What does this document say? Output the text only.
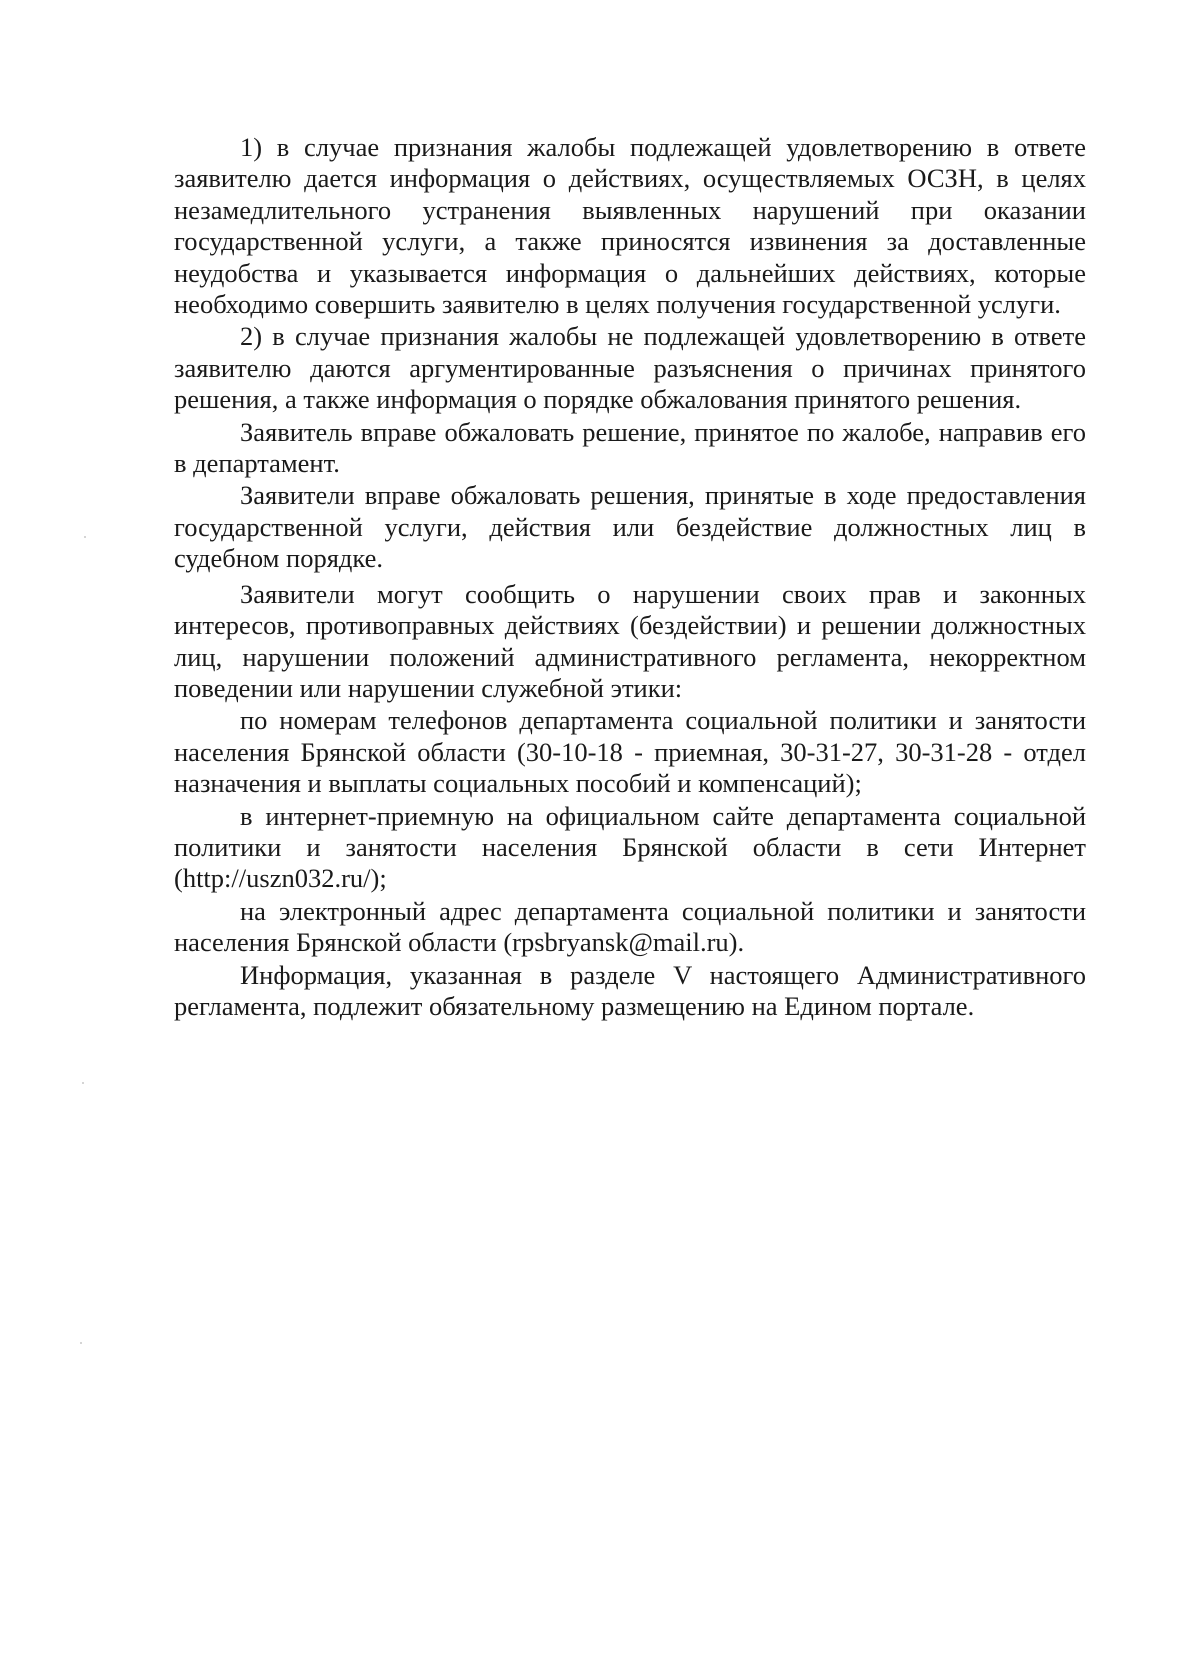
1) в случае признания жалобы подлежащей удовлетворению в ответе заявителю дается информация о действиях, осуществляемых ОСЗН, в целях незамедлительного устранения выявленных нарушений при оказании государственной услуги, а также приносятся извинения за доставленные неудобства и указывается информация о дальнейших действиях, которые необходимо совершить заявителю в целях получения государственной услуги.

2) в случае признания жалобы не подлежащей удовлетворению в ответе заявителю даются аргументированные разъяснения о причинах принятого решения, а также информация о порядке обжалования принятого решения.

Заявитель вправе обжаловать решение, принятое по жалобе, направив его в департамент.

Заявители вправе обжаловать решения, принятые в ходе предоставления государственной услуги, действия или бездействие должностных лиц в судебном порядке.

Заявители могут сообщить о нарушении своих прав и законных интересов, противоправных действиях (бездействии) и решении должностных лиц, нарушении положений административного регламента, некорректном поведении или нарушении служебной этики:

по номерам телефонов департамента социальной политики и занятости населения Брянской области (30-10-18 - приемная, 30-31-27, 30-31-28 - отдел назначения и выплаты социальных пособий и компенсаций);

в интернет-приемную на официальном сайте департамента социальной политики и занятости населения Брянской области в сети Интернет (http://uszn032.ru/);

на электронный адрес департамента социальной политики и занятости населения Брянской области (rpsbryansk@mail.ru).

Информация, указанная в разделе V настоящего Административного регламента, подлежит обязательному размещению на Едином портале.
